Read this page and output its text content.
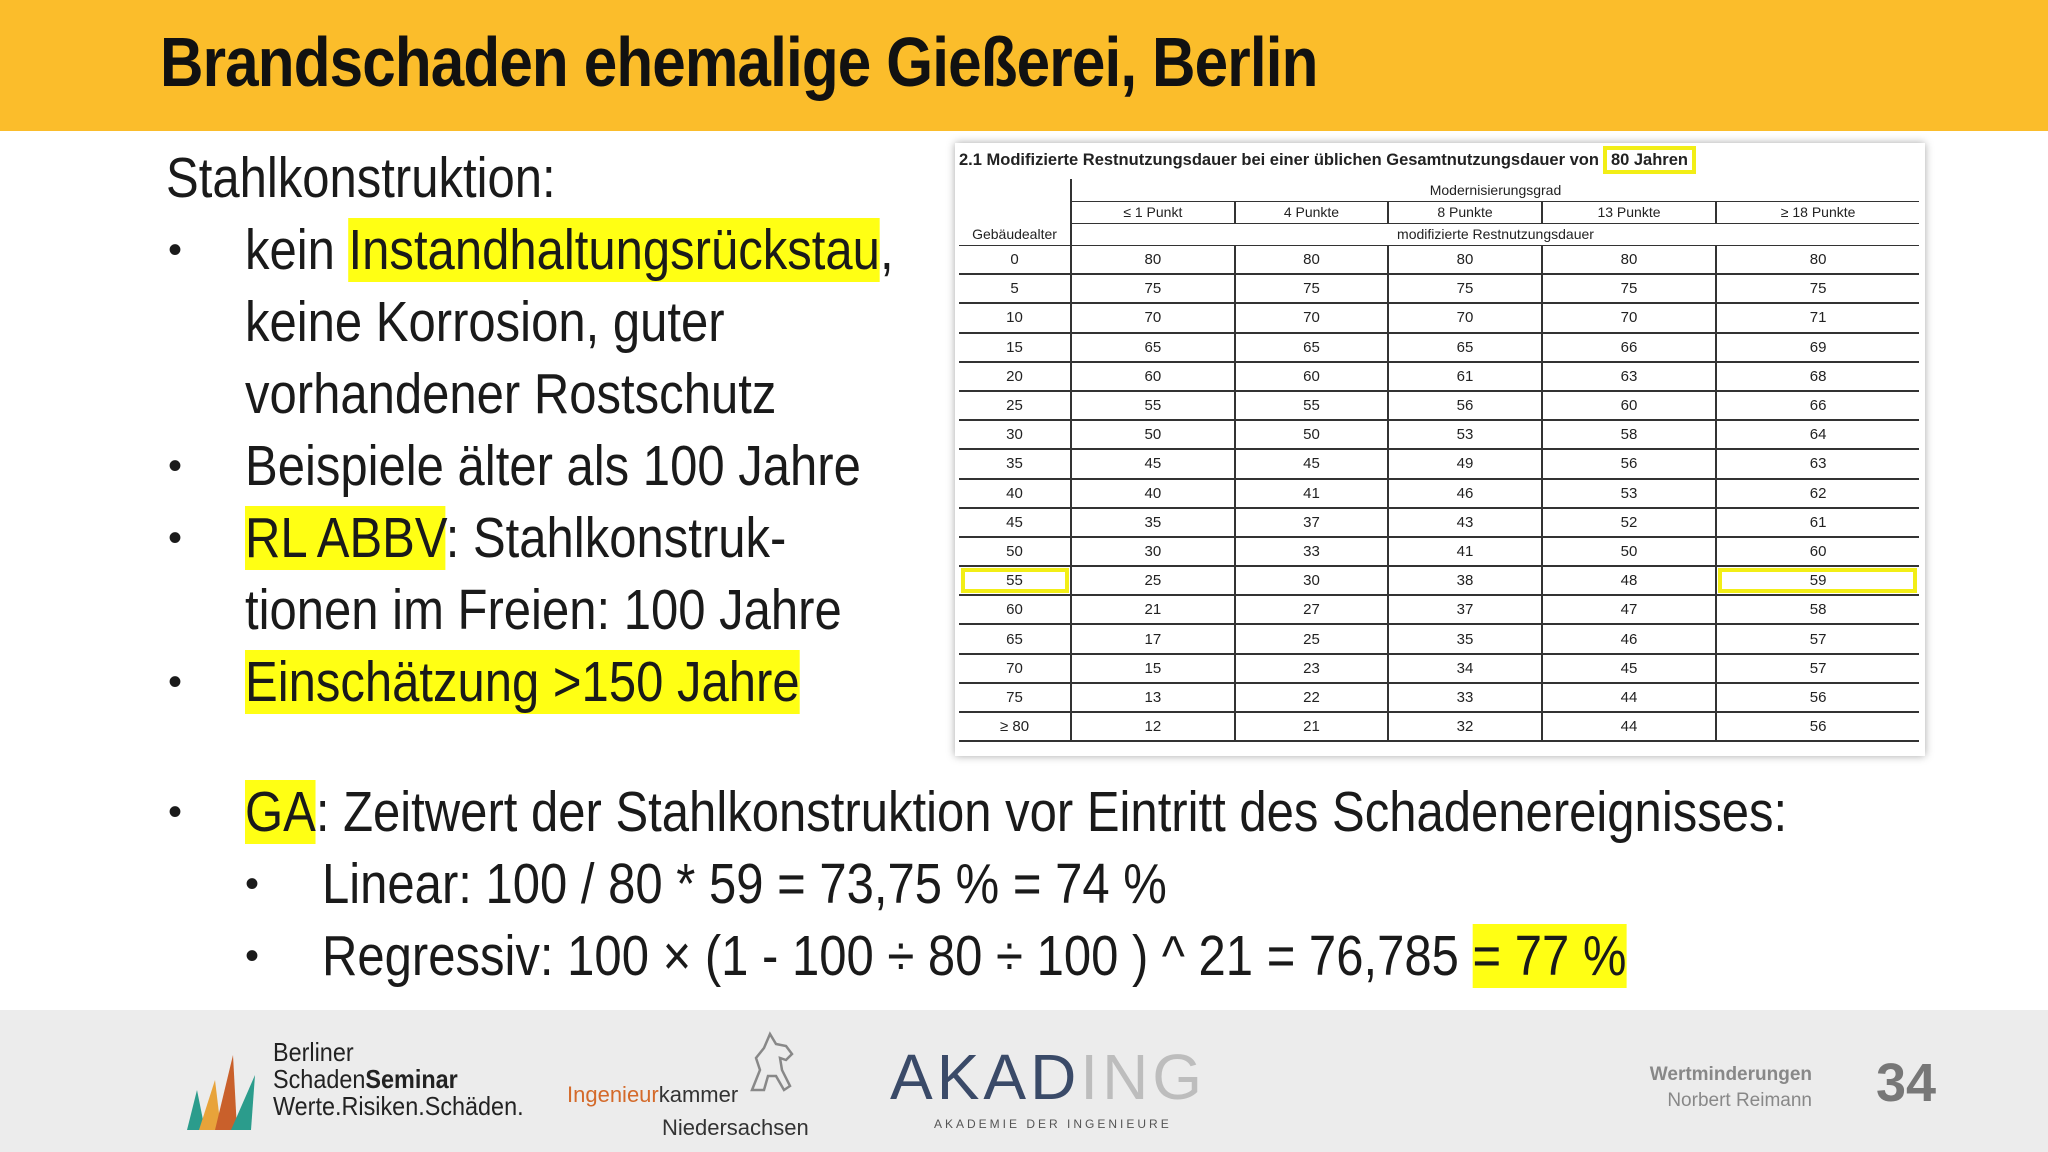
Brandschaden ehemalige Gießerei, Berlin
Stahlkonstruktion:
• kein Instandhaltungsrückstau,
keine Korrosion, guter
vorhandener Rostschutz
• Beispiele älter als 100 Jahre
• RL ABBV: Stahlkonstruk-
tionen im Freien: 100 Jahre
• Einschätzung >150 Jahre
• GA: Zeitwert der Stahlkonstruktion vor Eintritt des Schadenereignisses:
• Linear: 100 / 80 * 59 = 73,75 % = 74 %
• Regressiv: 100 × (1 - 100 ÷ 80 ÷ 100 ) ^ 21 = 76,785 = 77 %
2.1 Modifizierte Restnutzungsdauer bei einer üblichen Gesamtnutzungsdauer von 80 Jahren
	Modernisierungsgrad				
	≤ 1 Punkt	4 Punkte	8 Punkte	13 Punkte	≥ 18 Punkte
Gebäudealter	modifizierte Restnutzungsdauer				
0	80	80	80	80	80
5	75	75	75	75	75
10	70	70	70	70	71
15	65	65	65	66	69
20	60	60	61	63	68
25	55	55	56	60	66
30	50	50	53	58	64
35	45	45	49	56	63
40	40	41	46	53	62
45	35	37	43	52	61
50	30	33	41	50	60
55	25	30	38	48	59
60	21	27	37	47	58
65	17	25	35	46	57
70	15	23	34	45	57
75	13	22	33	44	56
≥ 80	12	21	32	44	56
Berliner
SchadenSeminar
Werte.Risiken.Schäden. Ingenieurkammer
Niedersachsen
AKADING
AKADEMIE DER INGENIEURE
Wertminderungen
Norbert Reimann 34
